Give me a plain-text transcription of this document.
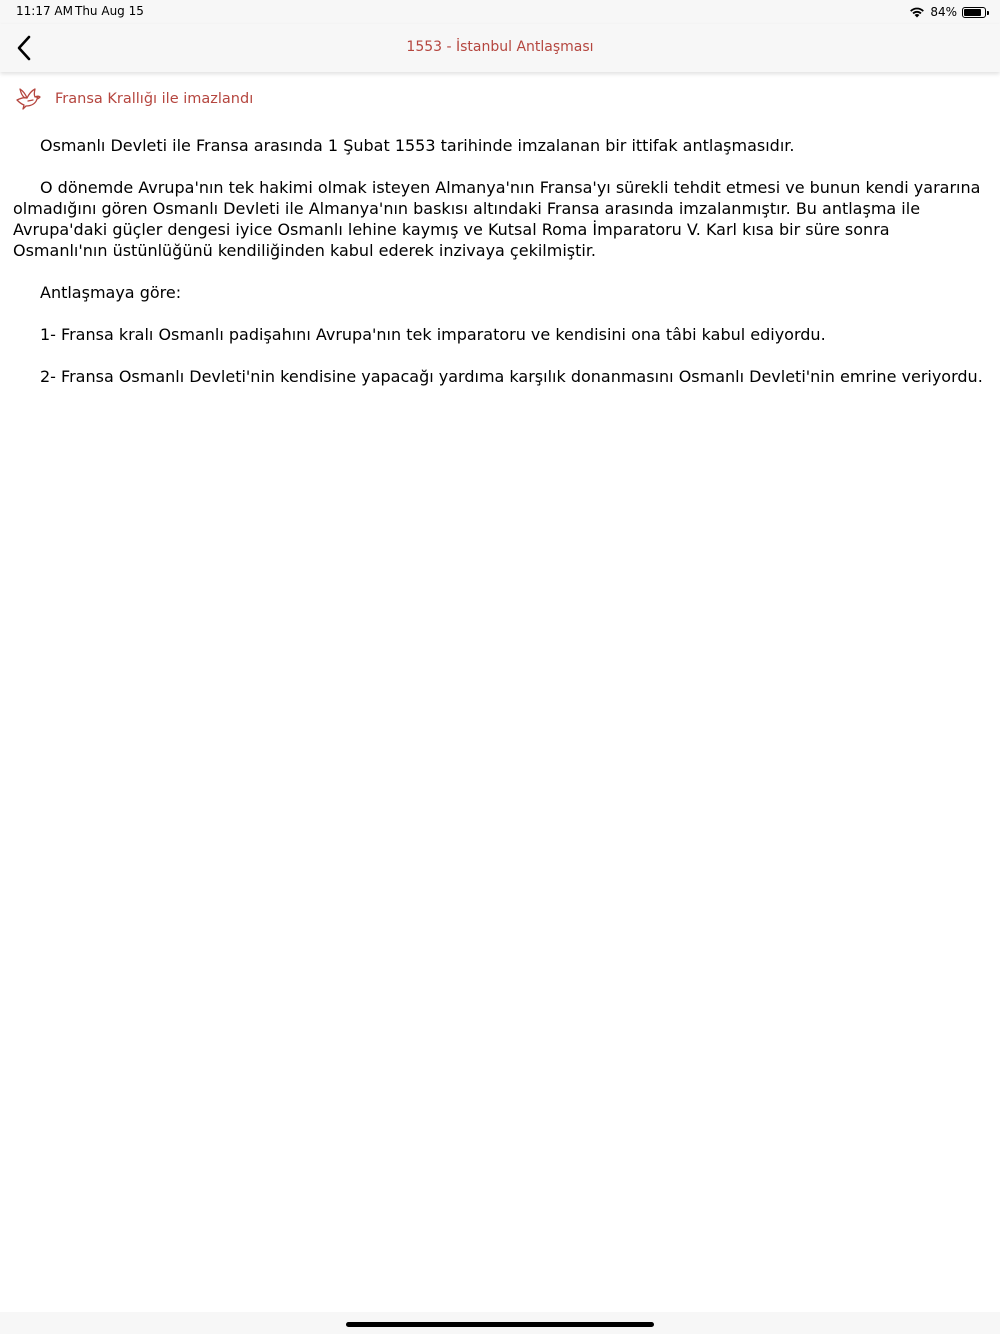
11:17 AM Thu Aug 15	84%
1553 - İstanbul Antlaşması
Fransa Krallığı ile imazlandı

Osmanlı Devleti ile Fransa arasında 1 Şubat 1553 tarihinde imzalanan bir ittifak antlaşmasıdır.

O dönemde Avrupa'nın tek hakimi olmak isteyen Almanya'nın Fransa'yı sürekli tehdit etmesi ve bunun kendi yararına olmadığını gören Osmanlı Devleti ile Almanya'nın baskısı altındaki Fransa arasında imzalanmıştır. Bu antlaşma ile Avrupa'daki güçler dengesi iyice Osmanlı lehine kaymış ve Kutsal Roma İmparatoru V. Karl kısa bir süre sonra Osmanlı'nın üstünlüğünü kendiliğinden kabul ederek inzivaya çekilmiştir.

Antlaşmaya göre:

1- Fransa kralı Osmanlı padişahını Avrupa'nın tek imparatoru ve kendisini ona tâbi kabul ediyordu.

2- Fransa Osmanlı Devleti'nin kendisine yapacağı yardıma karşılık donanmasını Osmanlı Devleti'nin emrine veriyordu.
